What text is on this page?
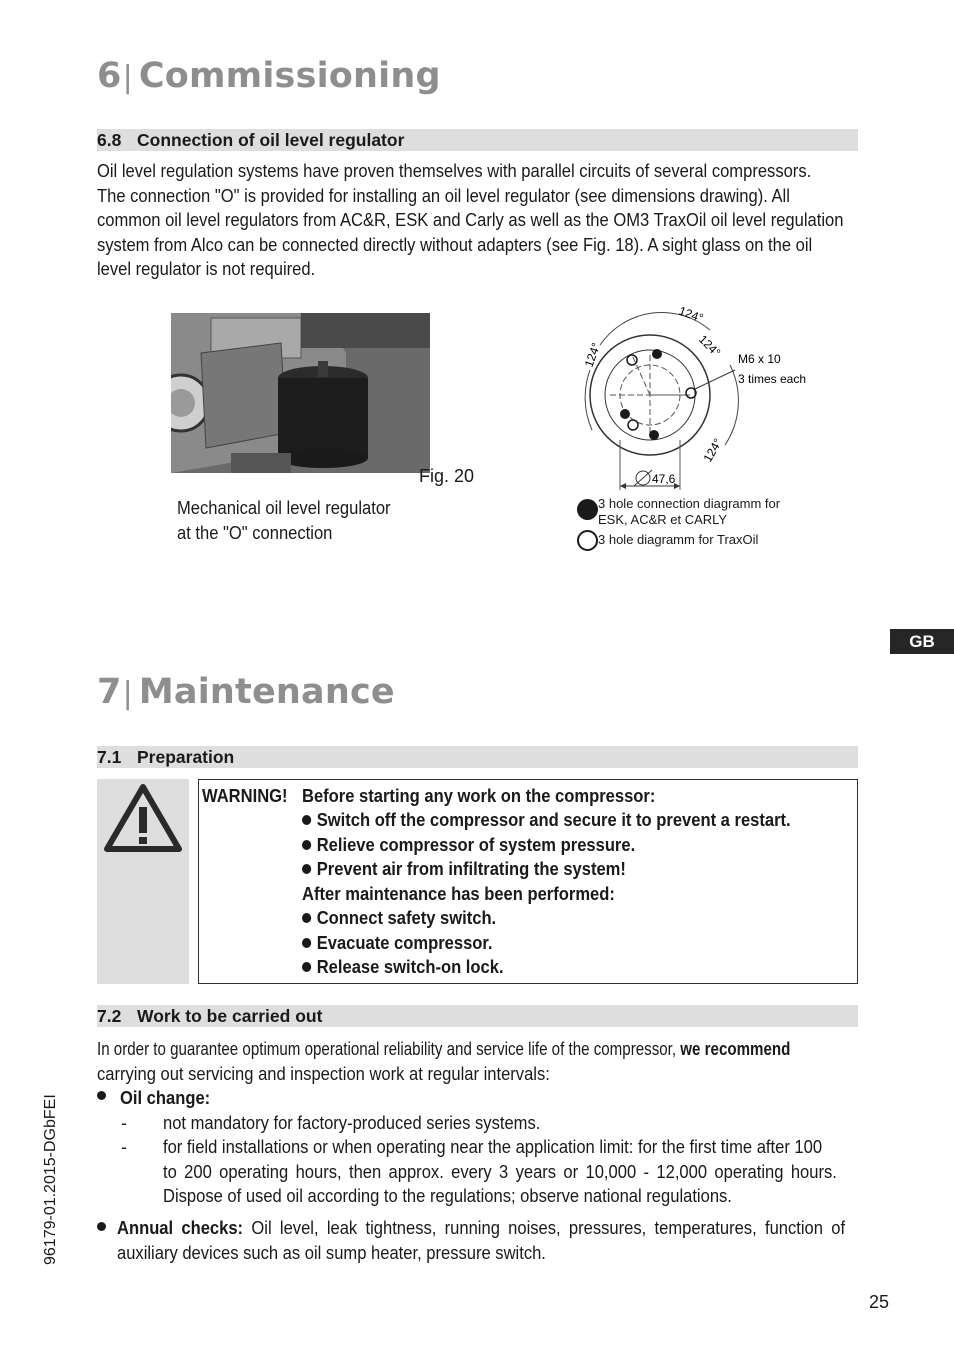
6| Commissioning
6.8 Connection of oil level regulator
Oil level regulation systems have proven themselves with parallel circuits of several compressors.
The connection "O" is provided for installing an oil level regulator (see dimensions drawing). All
common oil level regulators from AC&R, ESK and Carly as well as the OM3 TraxOil oil level regulation
system from Alco can be connected directly without adapters (see Fig. 18). A sight glass on the oil
level regulator is not required.
Fig. 20
Mechanical oil level regulator
at the "O" connection
124°
124°
124°
124°
M6 x 10
3 times each
47,6
3 hole connection diagramm for
ESK, AC&R et CARLY
3 hole diagramm for TraxOil
GB
7| Maintenance
7.1 Preparation
WARNING! Before starting any work on the compressor:
Switch off the compressor and secure it to prevent a restart.
Relieve compressor of system pressure.
Prevent air from infiltrating the system!
After maintenance has been performed:
Connect safety switch.
Evacuate compressor.
Release switch-on lock.
7.2 Work to be carried out
In order to guarantee optimum operational reliability and service life of the compressor, we recommend
carrying out servicing and inspection work at regular intervals:
Oil change:
- not mandatory for factory-produced series systems.
- for field installations or when operating near the application limit: for the first time after 100
to 200 operating hours, then approx. every 3 years or 10,000 - 12,000 operating hours.
Dispose of used oil according to the regulations; observe national regulations.
Annual checks: Oil level, leak tightness, running noises, pressures, temperatures, function of
auxiliary devices such as oil sump heater, pressure switch.
96179-01.2015-DGbFEI
25
